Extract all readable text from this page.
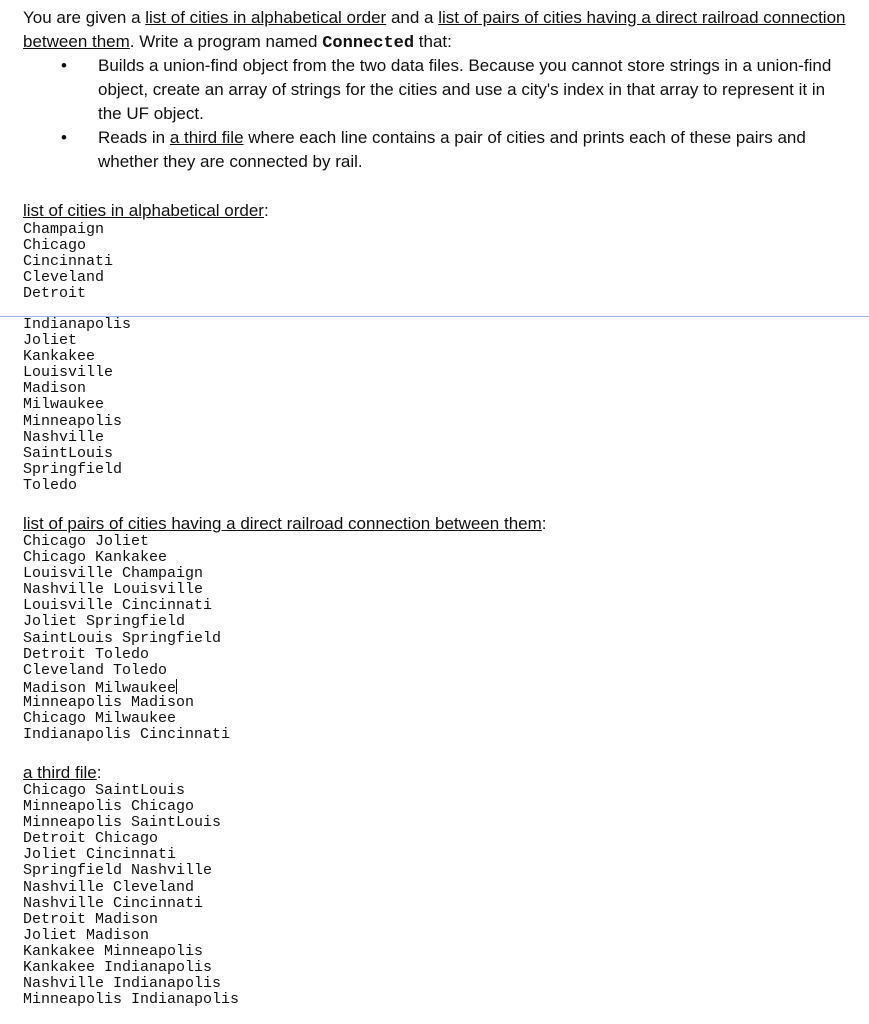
You are given a list of cities in alphabetical order and a list of pairs of cities having a direct railroad connection between them. Write a program named Connected that:

• Builds a union-find object from the two data files. Because you cannot store strings in a union-find object, create an array of strings for the cities and use a city's index in that array to represent it in the UF object.
• Reads in a third file where each line contains a pair of cities and prints each of these pairs and whether they are connected by rail.
list of cities in alphabetical order:
Champaign
Chicago
Cincinnati
Cleveland
Detroit
Indianapolis
Joliet
Kankakee
Louisville
Madison
Milwaukee
Minneapolis
Nashville
SaintLouis
Springfield
Toledo
list of pairs of cities having a direct railroad connection between them:
Chicago Joliet
Chicago Kankakee
Louisville Champaign
Nashville Louisville
Louisville Cincinnati
Joliet Springfield
SaintLouis Springfield
Detroit Toledo
Cleveland Toledo
Madison Milwaukee
Minneapolis Madison
Chicago Milwaukee
Indianapolis Cincinnati
a third file:
Chicago SaintLouis
Minneapolis Chicago
Minneapolis SaintLouis
Detroit Chicago
Joliet Cincinnati
Springfield Nashville
Nashville Cleveland
Nashville Cincinnati
Detroit Madison
Joliet Madison
Kankakee Minneapolis
Kankakee Indianapolis
Nashville Indianapolis
Minneapolis Indianapolis
